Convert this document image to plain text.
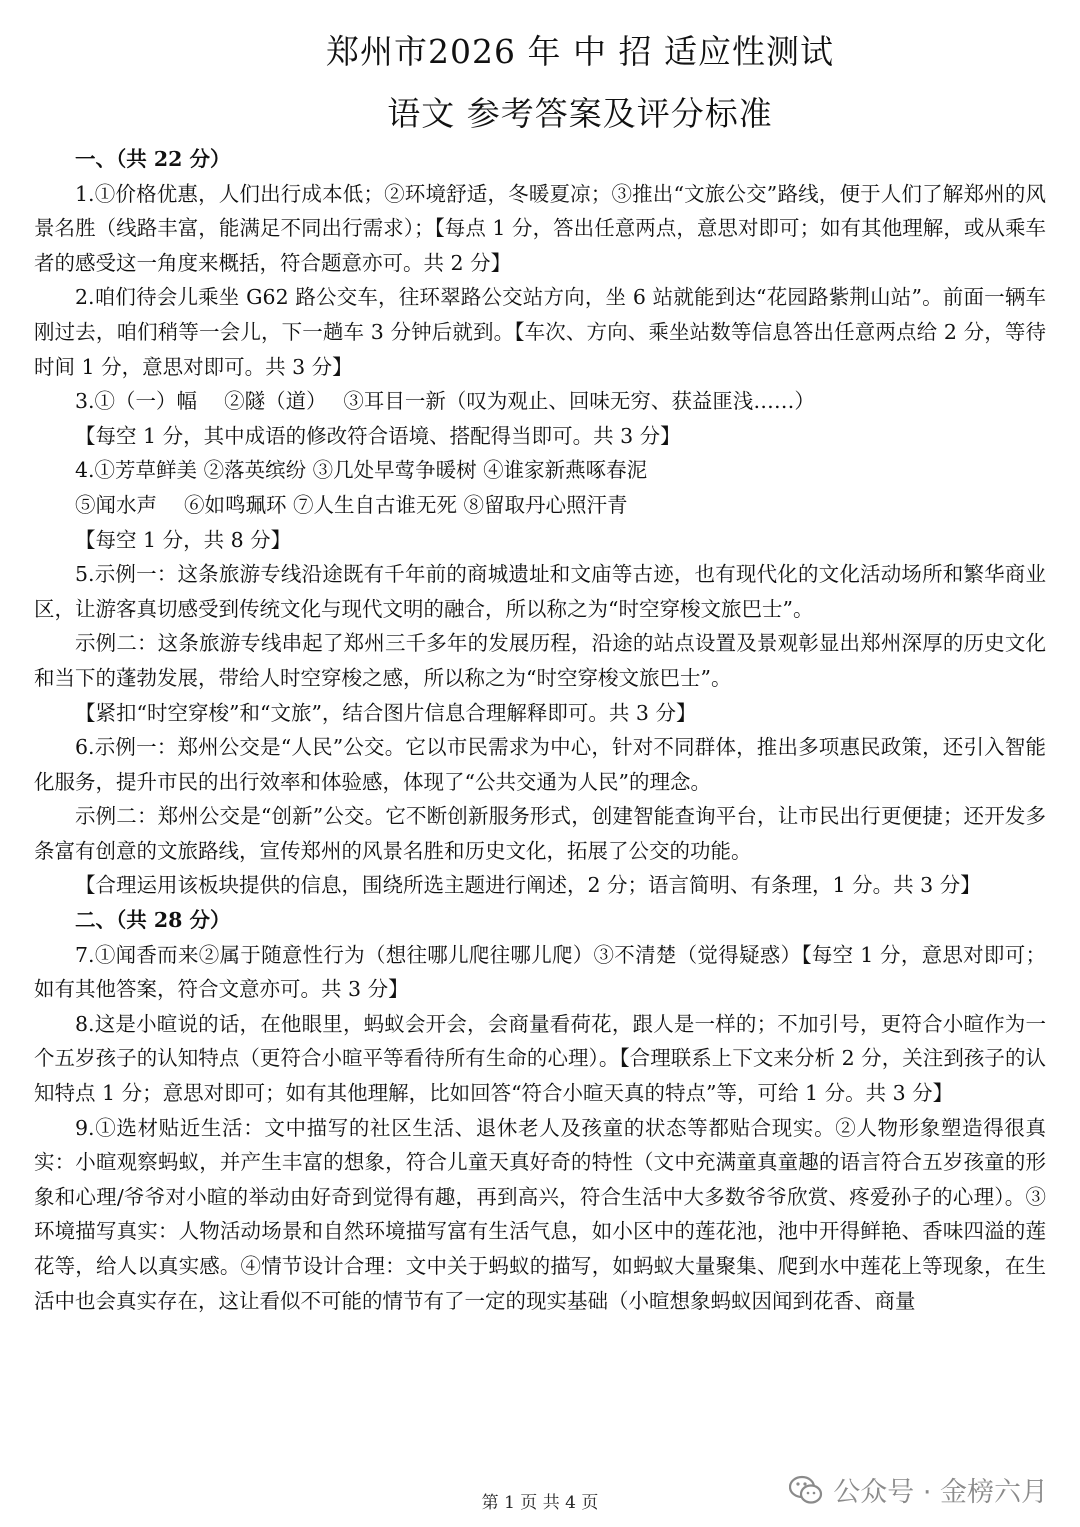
郑州市2026 年 中 招 适应性测试
语文 参考答案及评分标准

一、（共 22 分）

1.①价格优惠，人们出行成本低；②环境舒适，冬暖夏凉；③推出“文旅公交”路线，便于人们了解郑州的风景名胜（线路丰富，能满足不同出行需求）；【每点 1 分，答出任意两点，意思对即可；如有其他理解，或从乘车者的感受这一角度来概括，符合题意亦可。共 2 分】

2.咱们待会儿乘坐 G62 路公交车，往环翠路公交站方向，坐 6 站就能到达“花园路紫荆山站”。前面一辆车刚过去，咱们稍等一会儿，下一趟车 3 分钟后就到。【车次、方向、乘坐站数等信息答出任意两点给 2 分，等待时间 1 分，意思对即可。共 3 分】

3.①（一）幅　 ②隧（道）　 ③耳目一新（叹为观止、回味无穷、获益匪浅……）

【每空 1 分，其中成语的修改符合语境、搭配得当即可。共 3 分】

4.①芳草鲜美 ②落英缤纷 ③几处早莺争暖树 ④谁家新燕啄春泥

⑤闻水声　 ⑥如鸣珮环 ⑦人生自古谁无死 ⑧留取丹心照汗青

【每空 1 分，共 8 分】

5.示例一：这条旅游专线沿途既有千年前的商城遗址和文庙等古迹，也有现代化的文化活动场所和繁华商业区，让游客真切感受到传统文化与现代文明的融合，所以称之为“时空穿梭文旅巴士”。

示例二：这条旅游专线串起了郑州三千多年的发展历程，沿途的站点设置及景观彰显出郑州深厚的历史文化和当下的蓬勃发展，带给人时空穿梭之感，所以称之为“时空穿梭文旅巴士”。

【紧扣“时空穿梭”和“文旅”，结合图片信息合理解释即可。共 3 分】

6.示例一：郑州公交是“人民”公交。它以市民需求为中心，针对不同群体，推出多项惠民政策，还引入智能化服务，提升市民的出行效率和体验感，体现了“公共交通为人民”的理念。

示例二：郑州公交是“创新”公交。它不断创新服务形式，创建智能查询平台，让市民出行更便捷；还开发多条富有创意的文旅路线，宣传郑州的风景名胜和历史文化，拓展了公交的功能。

【合理运用该板块提供的信息，围绕所选主题进行阐述，2 分；语言简明、有条理，1 分。共 3 分】

二、（共 28 分）

7.①闻香而来②属于随意性行为（想往哪儿爬往哪儿爬）③不清楚（觉得疑惑）【每空 1 分，意思对即可；如有其他答案，符合文意亦可。共 3 分】

8.这是小暄说的话，在他眼里，蚂蚁会开会，会商量看荷花，跟人是一样的；不加引号，更符合小暄作为一个五岁孩子的认知特点（更符合小暄平等看待所有生命的心理）。【合理联系上下文来分析 2 分，关注到孩子的认知特点 1 分；意思对即可；如有其他理解，比如回答“符合小暄天真的特点”等，可给 1 分。共 3 分】

9.①选材贴近生活：文中描写的社区生活、退休老人及孩童的状态等都贴合现实。②人物形象塑造得很真实：小暄观察蚂蚁，并产生丰富的想象，符合儿童天真好奇的特性（文中充满童真童趣的语言符合五岁孩童的形象和心理/爷爷对小暄的举动由好奇到觉得有趣，再到高兴，符合生活中大多数爷爷欣赏、疼爱孙子的心理）。③环境描写真实：人物活动场景和自然环境描写富有生活气息，如小区中的莲花池，池中开得鲜艳、香味四溢的莲花等，给人以真实感。④情节设计合理：文中关于蚂蚁的描写，如蚂蚁大量聚集、爬到水中莲花上等现象，在生活中也会真实存在，这让看似不可能的情节有了一定的现实基础（小暄想象蚂蚁因闻到花香、商量

第 1 页 共 4 页	公众号 · 金榜六月
